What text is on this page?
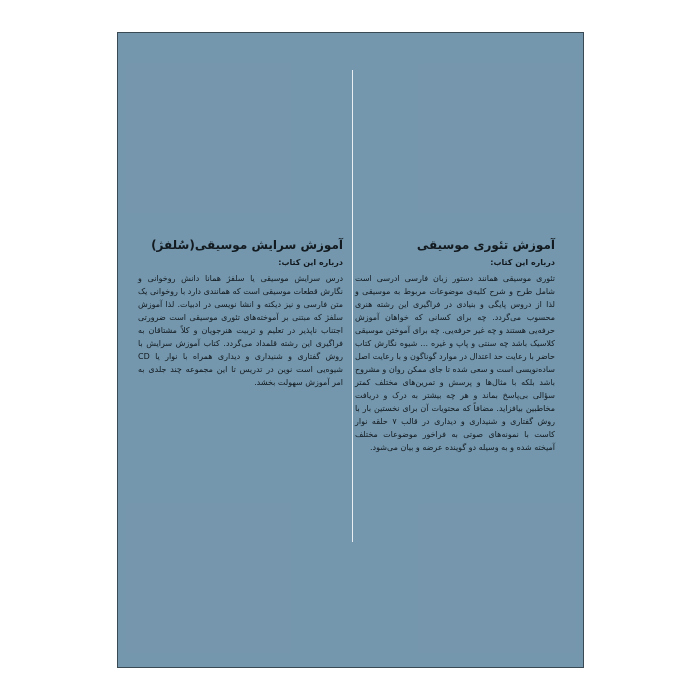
آموزش تئوری موسیقی
درباره این کتاب:

تئوری موسیقی همانند دستور زبان فارسی ادرسی است شامل طرح و شرح کلیه‌ی موضوعات مربوط به موسیقی و لذا از دروس پایگی و بنیادی در فراگیری این رشته هنری محسوب می‌گردد. چه برای کسانی که خواهان آموزش حرفه‌یی هستند و چه غیر حرفه‌یی. چه برای آموختن موسیقی کلاسیک باشد چه سنتی و پاپ و غیره ... شیوه نگارش کتاب حاضر با رعایت حد اعتدال در موارد گوناگون و با رعایت اصل ساده‌نویسی است و سعی شده تا جای ممکن روان و مشروح باشد بلکه با مثال‌ها و پرسش و تمرین‌های مختلف کمتر سؤالی بی‌پاسخ بماند و هر چه بیشتر به درک و دریافت مخاطبین بیافزاید. مضافاً که محتویات آن برای نخستین بار با روش گفتاری و شنیداری و دیداری در قالب ۷ حلقه نوار کاست با نمونه‌های صوتی به فراخور موضوعات مختلف آمیخته شده و به وسیله دو گوینده عرضه و بیان می‌شود.

آموزش سرایش موسیقی(سُلفژ)
درباره این کتاب:

درس سرایش موسیقی یا سلفژ همانا دانش روخوانی و نگارش قطعات موسیقی است که همانندی دارد با روخوانی یک متن فارسی و نیز دیکته و انشا نویسی در ادبیات. لذا آموزش سلفژ که مبتنی بر آموخته‌های تئوری موسیقی است ضرورتی اجتناب ناپذیر در تعلیم و تربیت هنرجویان و کلاً مشتاقان به فراگیری این رشته قلمداد می‌گردد. کتاب آموزش سرایش با روش گفتاری و شنیداری و دیداری همراه با نوار یا CD شیوه‌یی است نوین در تدریس تا این مجموعه چند جلدی به امر آموزش سهولت بخشد.
